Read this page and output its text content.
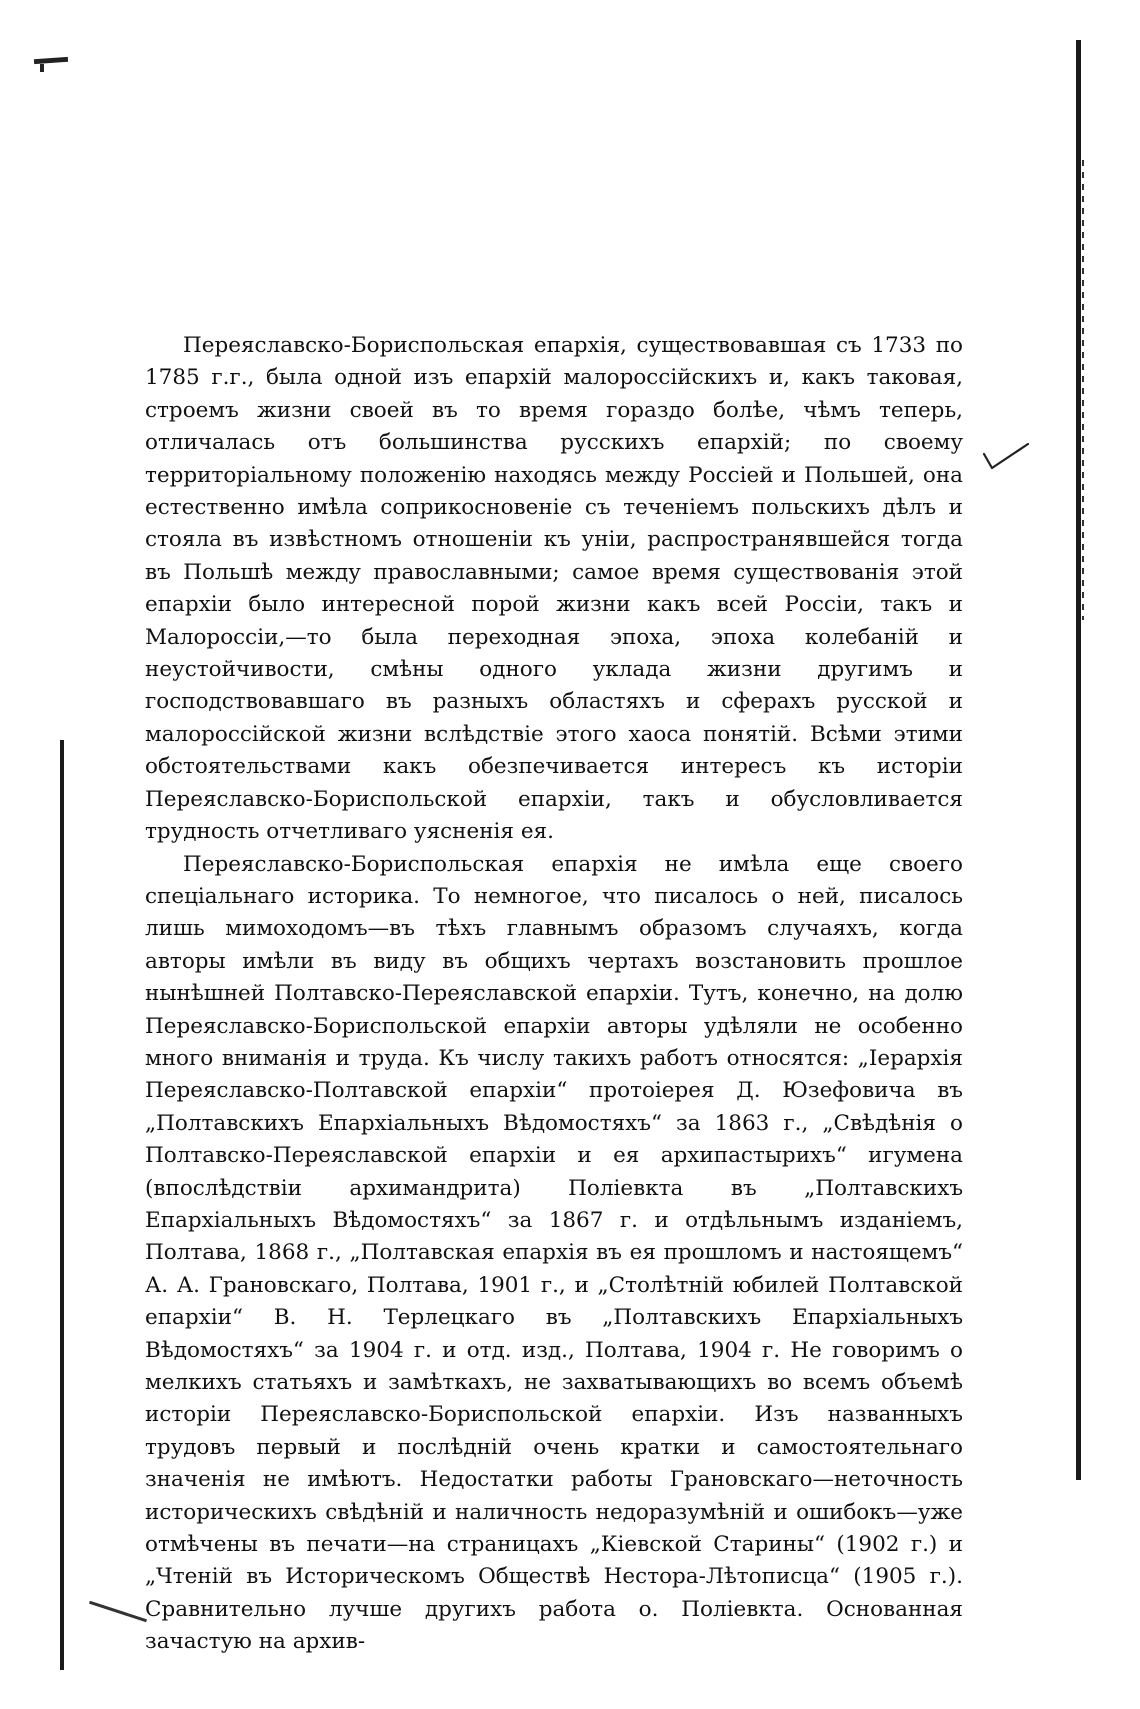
Переяславско-Бориспольская епархія, существовавшая съ 1733 по 1785 г.г., была одной изъ епархій малороссійскихъ и, какъ таковая, строемъ жизни своей въ то время гораздо болѣе, чѣмъ теперь, отличалась отъ большинства русскихъ епархій; по своему территоріальному положенію находясь между Россіей и Польшей, она естественно имѣла соприкосновеніе съ теченіемъ польскихъ дѣлъ и стояла въ извѣстномъ отношеніи къ уніи, распространявшейся тогда въ Польшѣ между православными; самое время существованія этой епархіи было интересной порой жизни какъ всей Россіи, такъ и Малороссіи,—то была переходная эпоха, эпоха колебаній и неустойчивости, смѣны одного уклада жизни другимъ и господствовавшаго въ разныхъ областяхъ и сферахъ русской и малороссійской жизни вслѣдствіе этого хаоса понятій. Всѣми этими обстоятельствами какъ обезпечивается интересъ къ исторіи Переяславско-Бориспольской епархіи, такъ и обусловливается трудность отчетливаго уясненія ея.

Переяславско-Бориспольская епархія не имѣла еще своего спеціальнаго историка. То немногое, что писалось о ней, писалось лишь мимоходомъ—въ тѣхъ главнымъ образомъ случаяхъ, когда авторы имѣли въ виду въ общихъ чертахъ возстановить прошлое нынѣшней Полтавско-Переяславской епархіи. Тутъ, конечно, на долю Переяславско-Бориспольской епархіи авторы удѣляли не особенно много вниманія и труда. Къ числу такихъ работъ относятся: „Іерархія Переяславско-Полтавской епархіи“ протоіерея Д. Юзефовича въ „Полтавскихъ Епархіальныхъ Вѣдомостяхъ“ за 1863 г., „Свѣдѣнія о Полтавско-Переяславской епархіи и ея архипастырихъ“ игумена (впослѣдствіи архимандрита) Поліевкта въ „Полтавскихъ Епархіальныхъ Вѣдомостяхъ“ за 1867 г. и отдѣльнымъ изданіемъ, Полтава, 1868 г., „Полтавская епархія въ ея прошломъ и настоящемъ“ А. А. Грановскаго, Полтава, 1901 г., и „Столѣтній юбилей Полтавской епархіи“ В. Н. Терлецкаго въ „Полтавскихъ Епархіальныхъ Вѣдомостяхъ“ за 1904 г. и отд. изд., Полтава, 1904 г. Не говоримъ о мелкихъ статьяхъ и замѣткахъ, не захватывающихъ во всемъ объемѣ исторіи Переяславско-Бориспольской епархіи. Изъ названныхъ трудовъ первый и послѣдній очень кратки и самостоятельнаго значенія не имѣютъ. Недостатки работы Грановскаго—неточность историческихъ свѣдѣній и наличность недоразумѣній и ошибокъ—уже отмѣчены въ печати—на страницахъ „Кіевской Старины“ (1902 г.) и „Чтеній въ Историческомъ Обществѣ Нестора-Лѣтописца“ (1905 г.). Сравнительно лучше другихъ работа о. Поліевкта. Основанная зачастую на архив-
